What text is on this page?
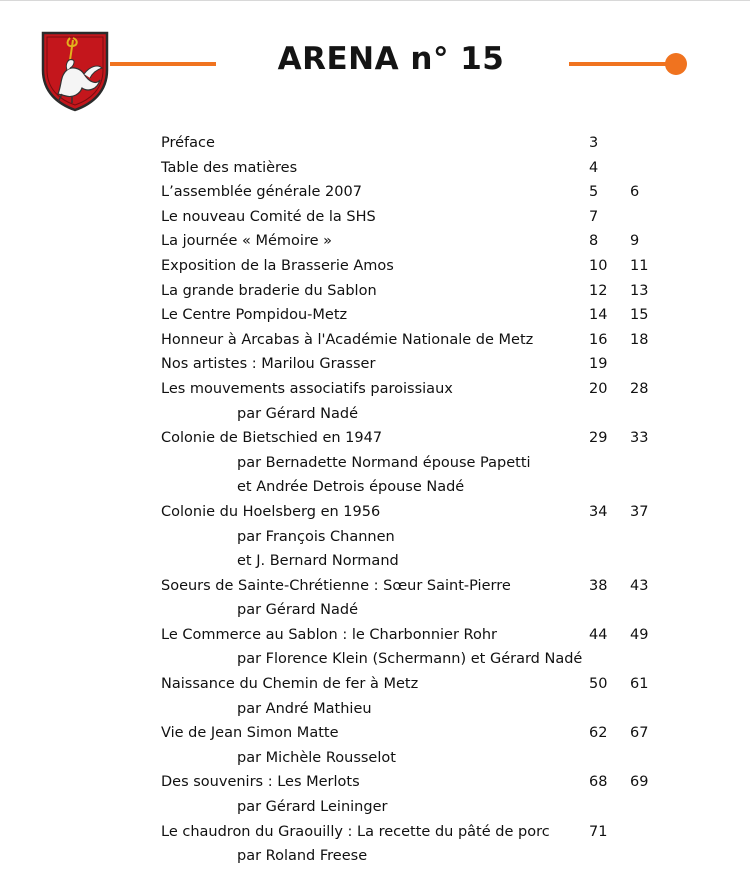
ARENA n° 15
Préface	3
Table des matières	4
L’assemblée générale 2007	5 6
Le nouveau Comité de la SHS	7
La journée « Mémoire »	8 9
Exposition de la Brasserie Amos	10 11
La grande braderie du Sablon	12 13
Le Centre Pompidou-Metz	14 15
Honneur à Arcabas à l'Académie Nationale de Metz	16 18
Nos artistes : Marilou Grasser	19
Les mouvements associatifs paroissiaux	20 28
par Gérard Nadé
Colonie de Bietschied en 1947	29 33
par Bernadette Normand épouse Papetti
et Andrée Detrois épouse Nadé
Colonie du Hoelsberg en 1956	34 37
par François Channen
et J. Bernard Normand
Soeurs de Sainte-Chrétienne : Sœur Saint-Pierre	38 43
par Gérard Nadé
Le Commerce au Sablon : le Charbonnier Rohr	44 49
par Florence Klein (Schermann) et Gérard Nadé
Naissance du Chemin de fer à Metz	50 61
par André Mathieu
Vie de Jean Simon Matte	62 67
par Michèle Rousselot
Des souvenirs : Les Merlots	68 69
par Gérard Leininger
Le chaudron du Graouilly : La recette du pâté de porc	71
par Roland Freese
